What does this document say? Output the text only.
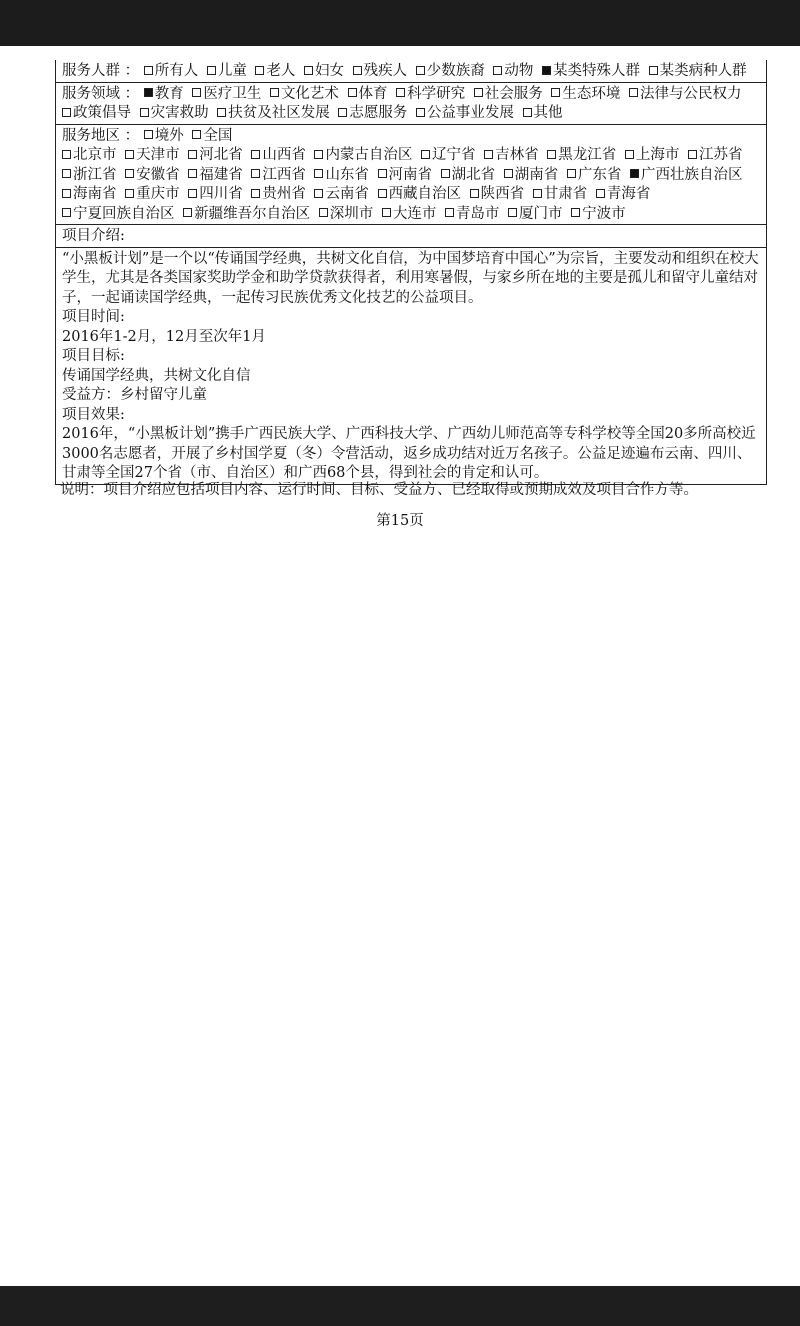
服务人群 ： 所有人 儿童 老人 妇女 残疾人 少数族裔 动物 某类特殊人群 某类病种人群
服务领域 ： 教育 医疗卫生 文化艺术 体育 科学研究 社会服务 生态环境 法律与公民权力 政策倡导 灾害救助 扶贫及社区发展 志愿服务 公益事业发展 其他
服务地区 ： 境外 全国
北京市 天津市 河北省 山西省 内蒙古自治区 辽宁省 吉林省 黑龙江省 上海市 江苏省 浙江省 安徽省 福建省 江西省 山东省 河南省 湖北省 湖南省 广东省 广西壮族自治区 海南省 重庆市 四川省 贵州省 云南省 西藏自治区 陕西省 甘肃省 青海省 宁夏回族自治区 新疆维吾尔自治区 深圳市 大连市 青岛市 厦门市 宁波市
项目介绍:

“小黑板计划”是一个以“传诵国学经典，共树文化自信，为中国梦培育中国心”为宗旨，主要发动和组织在校大学生，尤其是各类国家奖助学金和助学贷款获得者，利用寒暑假，与家乡所在地的主要是孤儿和留守儿童结对子，一起诵读国学经典，一起传习民族优秀文化技艺的公益项目。

项目时间:

2016年1-2月，12月至次年1月

项目目标:

传诵国学经典，共树文化自信

受益方：乡村留守儿童

项目效果:

2016年，“小黑板计划”携手广西民族大学、广西科技大学、广西幼儿师范高等专科学校等全国20多所高校近3000名志愿者，开展了乡村国学夏（冬）令营活动，返乡成功结对近万名孩子。公益足迹遍布云南、四川、甘肃等全国27个省（市、自治区）和广西68个县，得到社会的肯定和认可。

说明：项目介绍应包括项目内容、运行时间、目标、受益方、已经取得或预期成效及项目合作方等。
第15页
